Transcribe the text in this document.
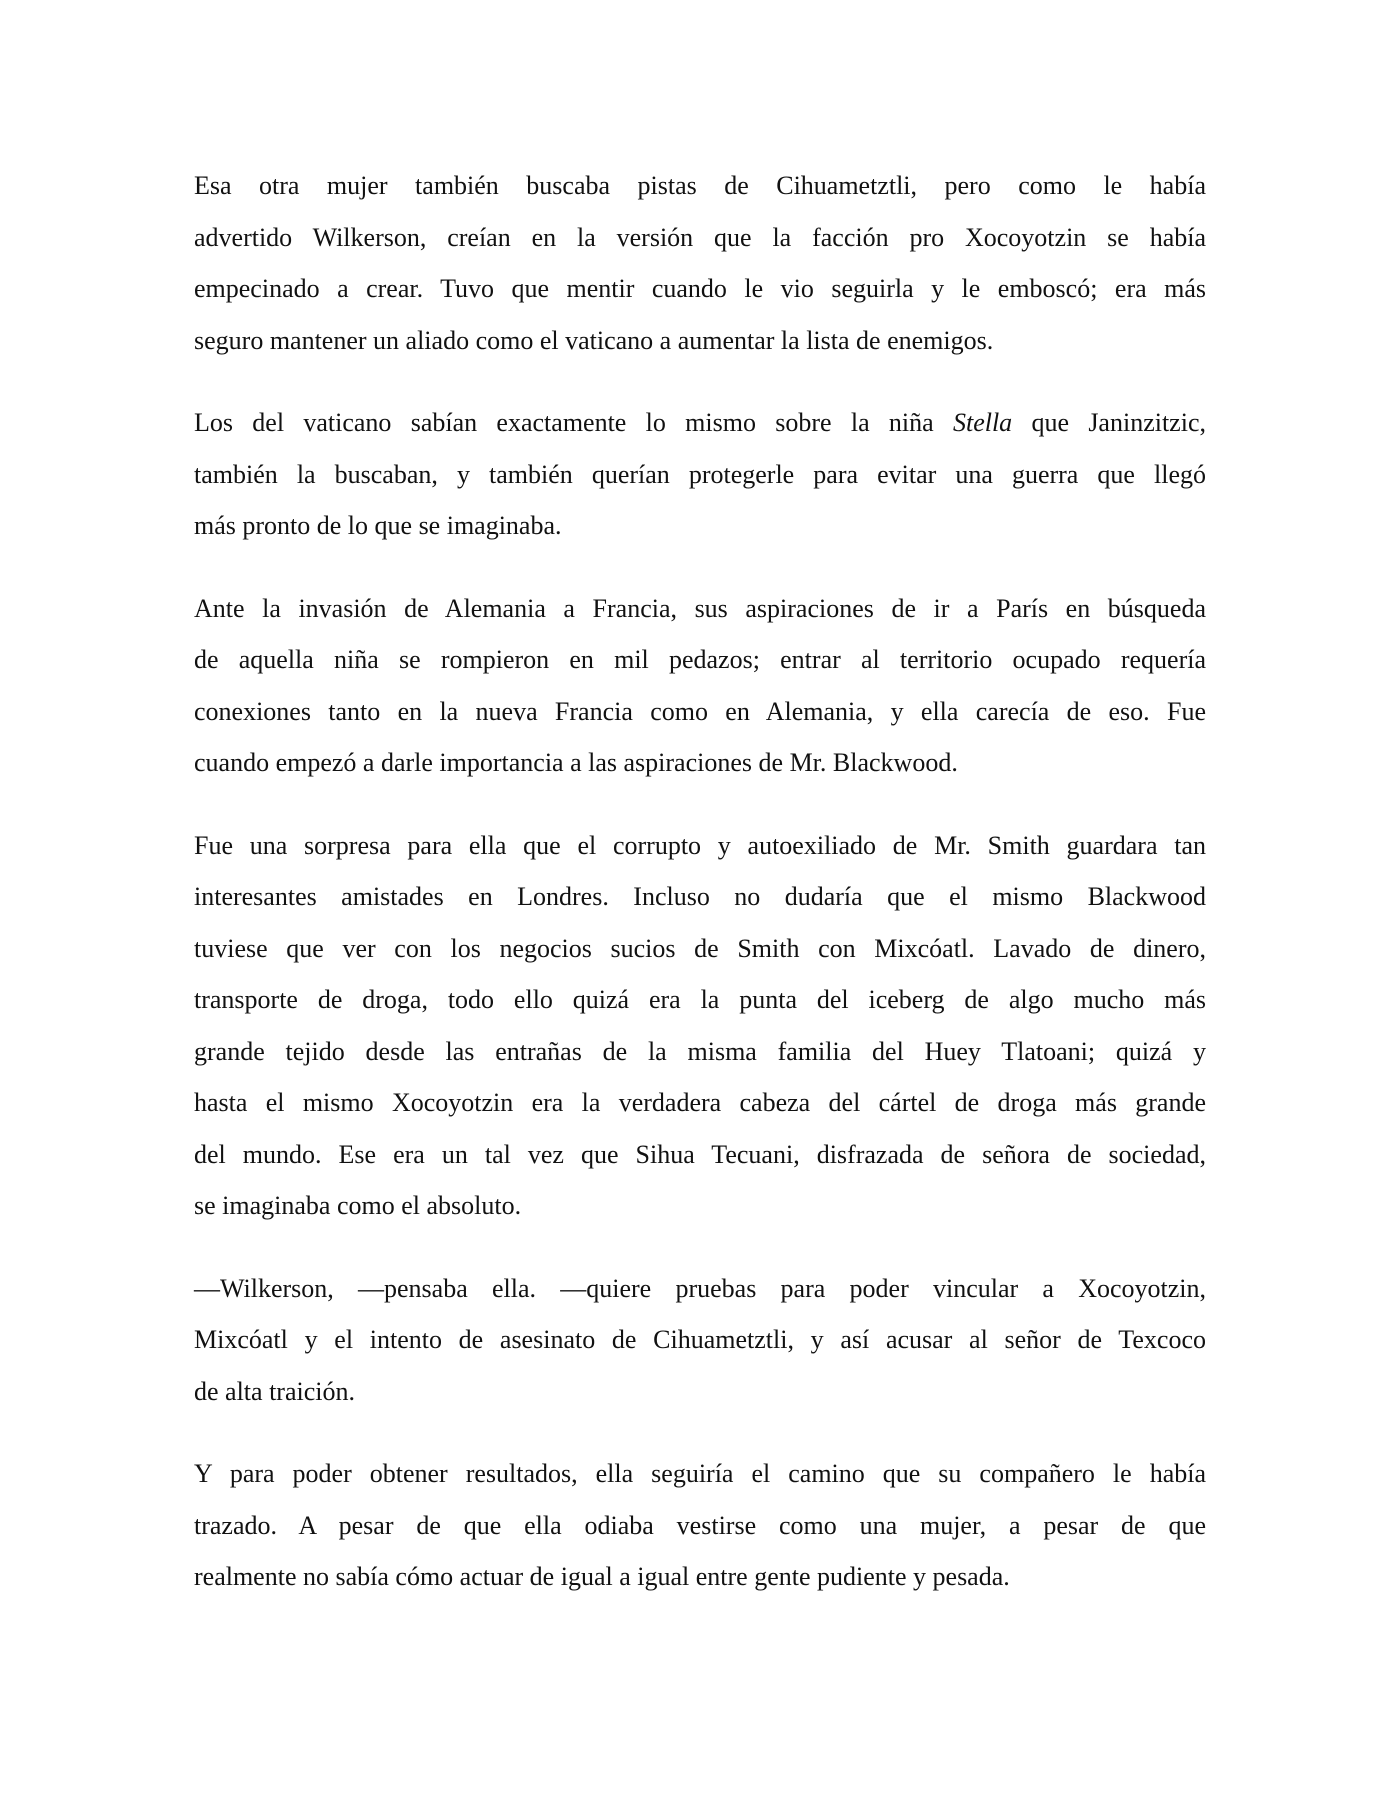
Esa otra mujer también buscaba pistas de Cihuametztli, pero como le había
advertido Wilkerson, creían en la versión que la facción pro Xocoyotzin se había
empecinado a crear. Tuvo que mentir cuando le vio seguirla y le emboscó; era más
seguro mantener un aliado como el vaticano a aumentar la lista de enemigos.

Los del vaticano sabían exactamente lo mismo sobre la niña Stella que Janinzitzic,
también la buscaban, y también querían protegerle para evitar una guerra que llegó
más pronto de lo que se imaginaba.

Ante la invasión de Alemania a Francia, sus aspiraciones de ir a París en búsqueda
de aquella niña se rompieron en mil pedazos; entrar al territorio ocupado requería
conexiones tanto en la nueva Francia como en Alemania, y ella carecía de eso. Fue
cuando empezó a darle importancia a las aspiraciones de Mr. Blackwood.

Fue una sorpresa para ella que el corrupto y autoexiliado de Mr. Smith guardara tan
interesantes amistades en Londres. Incluso no dudaría que el mismo Blackwood
tuviese que ver con los negocios sucios de Smith con Mixcóatl. Lavado de dinero,
transporte de droga, todo ello quizá era la punta del iceberg de algo mucho más
grande tejido desde las entrañas de la misma familia del Huey Tlatoani; quizá y
hasta el mismo Xocoyotzin era la verdadera cabeza del cártel de droga más grande
del mundo. Ese era un tal vez que Sihua Tecuani, disfrazada de señora de sociedad,
se imaginaba como el absoluto.

—Wilkerson, —pensaba ella. —quiere pruebas para poder vincular a Xocoyotzin,
Mixcóatl y el intento de asesinato de Cihuametztli, y así acusar al señor de Texcoco
de alta traición.

Y para poder obtener resultados, ella seguiría el camino que su compañero le había
trazado. A pesar de que ella odiaba vestirse como una mujer, a pesar de que
realmente no sabía cómo actuar de igual a igual entre gente pudiente y pesada.
